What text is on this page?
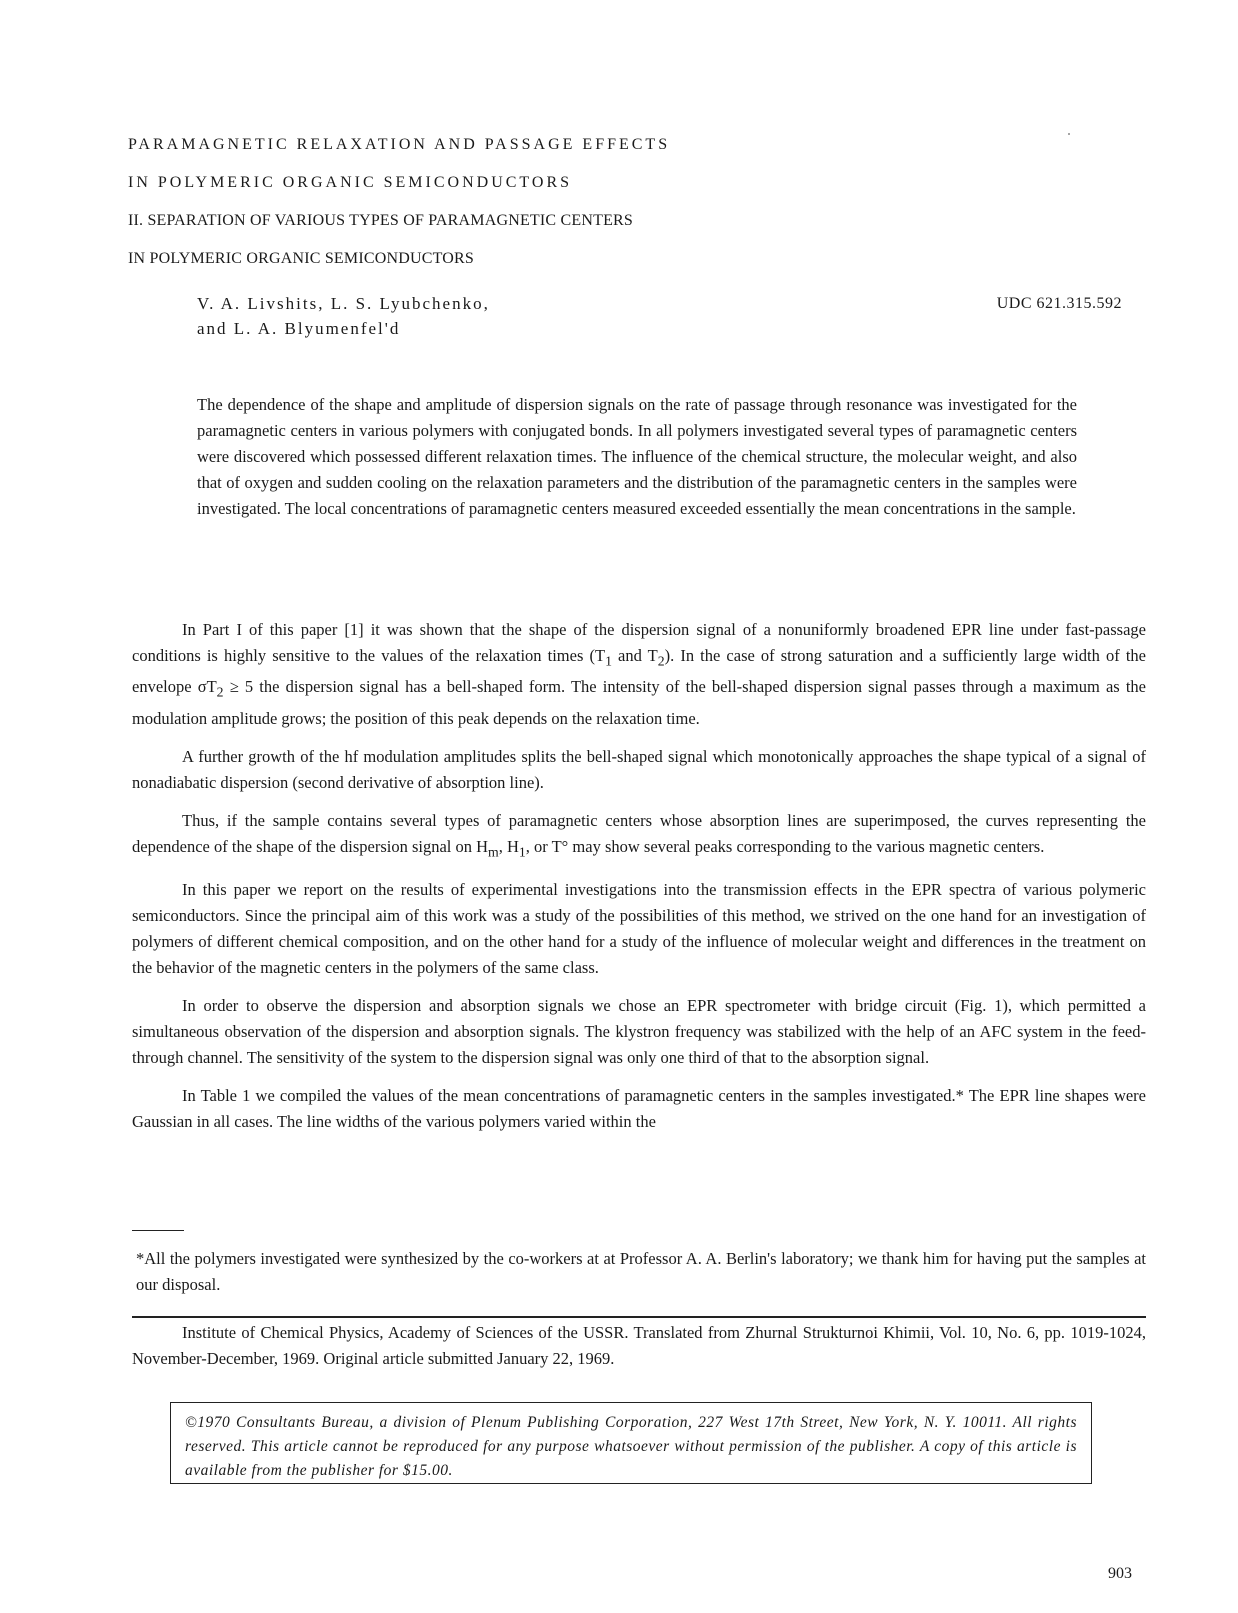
PARAMAGNETIC RELAXATION AND PASSAGE EFFECTS
IN POLYMERIC ORGANIC SEMICONDUCTORS
II. SEPARATION OF VARIOUS TYPES OF PARAMAGNETIC CENTERS
IN POLYMERIC ORGANIC SEMICONDUCTORS
V. A. Livshits, L. S. Lyubchenko,
and L. A. Blyumenfel'd
UDC 621.315.592

The dependence of the shape and amplitude of dispersion signals on the rate of passage through resonance was investigated for the paramagnetic centers in various polymers with conjugated bonds. In all polymers investigated several types of paramagnetic centers were discovered which possessed different relaxation times. The influence of the chemical structure, the molecular weight, and also that of oxygen and sudden cooling on the relaxation parameters and the distribution of the paramagnetic centers in the samples were investigated. The local concentrations of paramagnetic centers measured exceeded essentially the mean concentrations in the sample.

In Part I of this paper [1] it was shown that the shape of the dispersion signal of a nonuniformly broadened EPR line under fast-passage conditions is highly sensitive to the values of the relaxation times ($T_1$ and $T_2$). In the case of strong saturation and a sufficiently large width of the envelope $\sigma T_2 \ge 5$ the dispersion signal has a bell-shaped form. The intensity of the bell-shaped dispersion signal passes through a maximum as the modulation amplitude grows; the position of this peak depends on the relaxation time.

A further growth of the hf modulation amplitudes splits the bell-shaped signal which monotonically approaches the shape typical of a signal of nonadiabatic dispersion (second derivative of absorption line).

Thus, if the sample contains several types of paramagnetic centers whose absorption lines are superimposed, the curves representing the dependence of the shape of the dispersion signal on $H_m$, $H_1$, or T° may show several peaks corresponding to the various magnetic centers.

In this paper we report on the results of experimental investigations into the transmission effects in the EPR spectra of various polymeric semiconductors. Since the principal aim of this work was a study of the possibilities of this method, we strived on the one hand for an investigation of polymers of different chemical composition, and on the other hand for a study of the influence of molecular weight and differences in the treatment on the behavior of the magnetic centers in the polymers of the same class.

In order to observe the dispersion and absorption signals we chose an EPR spectrometer with bridge circuit (Fig. 1), which permitted a simultaneous observation of the dispersion and absorption signals. The klystron frequency was stabilized with the help of an AFC system in the feed-through channel. The sensitivity of the system to the dispersion signal was only one third of that to the absorption signal.

In Table 1 we compiled the values of the mean concentrations of paramagnetic centers in the samples investigated.* The EPR line shapes were Gaussian in all cases. The line widths of the various polymers varied within the

*All the polymers investigated were synthesized by the co-workers at at Professor A. A. Berlin's laboratory; we thank him for having put the samples at our disposal.

Institute of Chemical Physics, Academy of Sciences of the USSR. Translated from Zhurnal Strukturnoi Khimii, Vol. 10, No. 6, pp. 1019-1024, November-December, 1969. Original article submitted January 22, 1969.

©1970 Consultants Bureau, a division of Plenum Publishing Corporation, 227 West 17th Street, New York, N. Y. 10011. All rights reserved. This article cannot be reproduced for any purpose whatsoever without permission of the publisher. A copy of this article is available from the publisher for $15.00.

903
